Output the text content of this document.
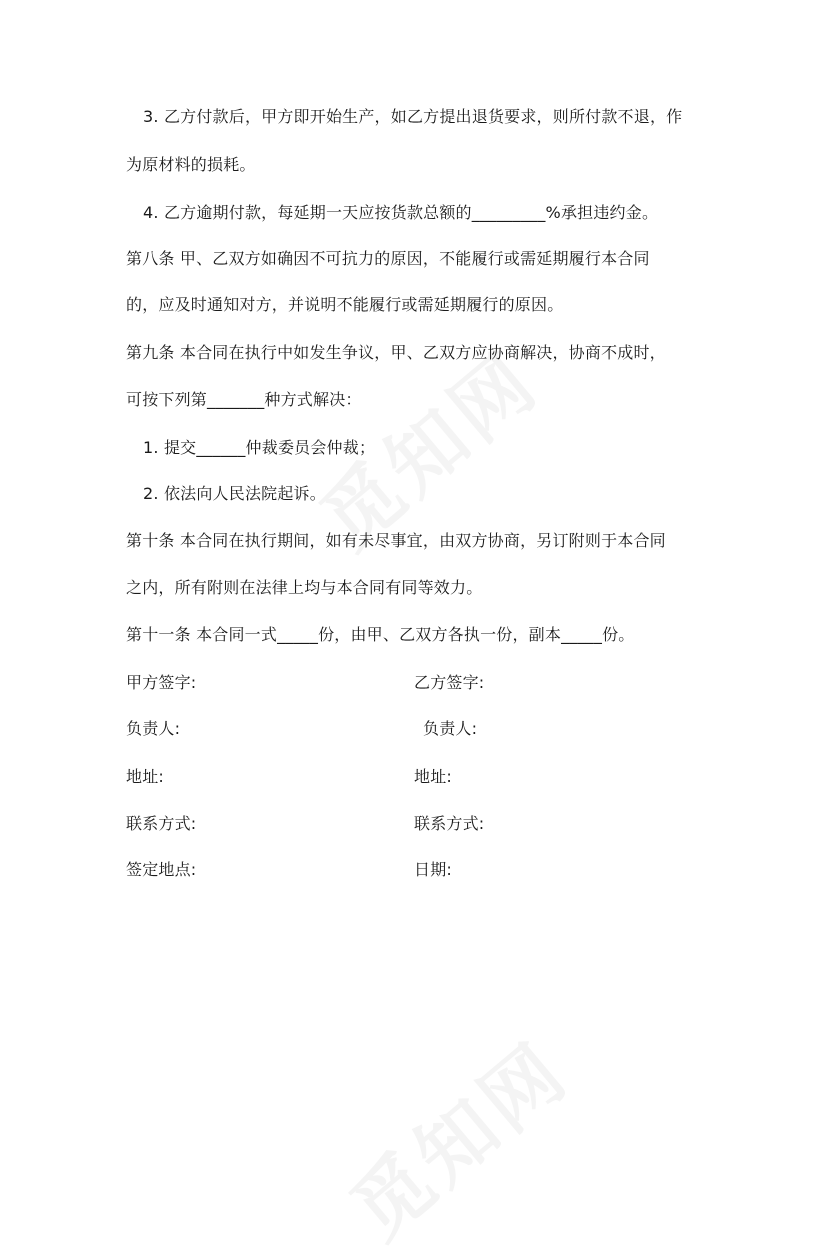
3. 乙方付款后，甲方即开始生产，如乙方提出退货要求，则所付款不退，作
为原材料的损耗。
4. 乙方逾期付款，每延期一天应按货款总额的_________%承担违约金。
第八条 甲、乙双方如确因不可抗力的原因，不能履行或需延期履行本合同
的，应及时通知对方，并说明不能履行或需延期履行的原因。
第九条 本合同在执行中如发生争议，甲、乙双方应协商解决，协商不成时，
可按下列第_______种方式解决：
1. 提交______仲裁委员会仲裁；
2. 依法向人民法院起诉。
第十条 本合同在执行期间，如有未尽事宜，由双方协商，另订附则于本合同
之内，所有附则在法律上均与本合同有同等效力。
第十一条 本合同一式_____份，由甲、乙双方各执一份，副本_____份。
甲方签字:	乙方签字:
负责人:	负责人:
地址:	地址:
联系方式:	联系方式:
签定地点:	日期:
